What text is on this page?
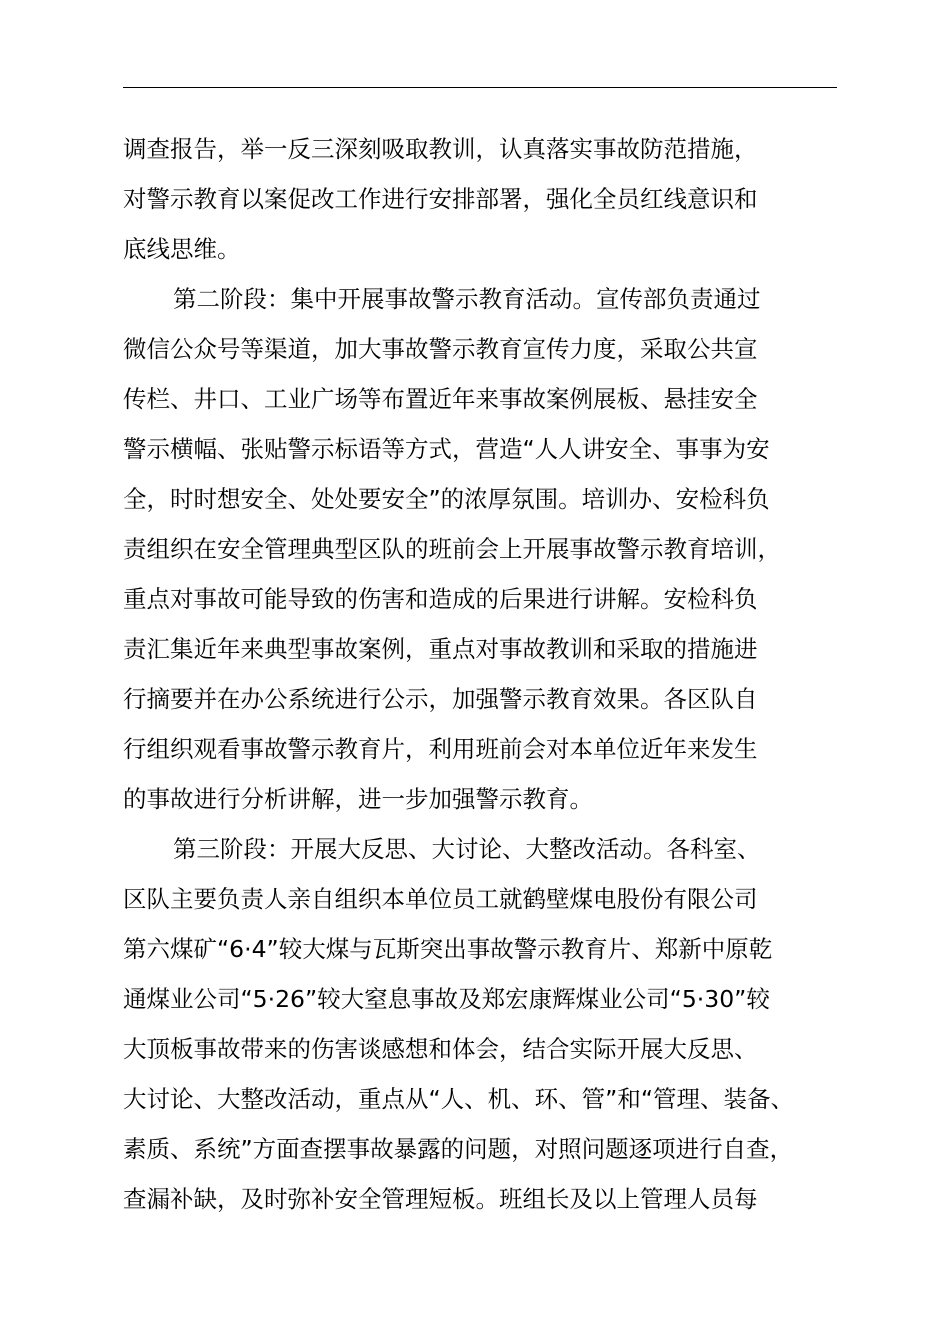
调查报告，举一反三深刻吸取教训，认真落实事故防范措施，
对警示教育以案促改工作进行安排部署，强化全员红线意识和
底线思维。
第二阶段：集中开展事故警示教育活动。宣传部负责通过
微信公众号等渠道，加大事故警示教育宣传力度，采取公共宣
传栏、井口、工业广场等布置近年来事故案例展板、悬挂安全
警示横幅、张贴警示标语等方式，营造“人人讲安全、事事为安
全，时时想安全、处处要安全”的浓厚氛围。培训办、安检科负
责组织在安全管理典型区队的班前会上开展事故警示教育培训，
重点对事故可能导致的伤害和造成的后果进行讲解。安检科负
责汇集近年来典型事故案例，重点对事故教训和采取的措施进
行摘要并在办公系统进行公示，加强警示教育效果。各区队自
行组织观看事故警示教育片，利用班前会对本单位近年来发生
的事故进行分析讲解，进一步加强警示教育。
第三阶段：开展大反思、大讨论、大整改活动。各科室、
区队主要负责人亲自组织本单位员工就鹤壁煤电股份有限公司
第六煤矿“6·4”较大煤与瓦斯突出事故警示教育片、郑新中原乾
通煤业公司“5·26”较大窒息事故及郑宏康辉煤业公司“5·30”较
大顶板事故带来的伤害谈感想和体会，结合实际开展大反思、
大讨论、大整改活动，重点从“人、机、环、管”和“管理、装备、
素质、系统”方面查摆事故暴露的问题，对照问题逐项进行自查，
查漏补缺，及时弥补安全管理短板。班组长及以上管理人员每
